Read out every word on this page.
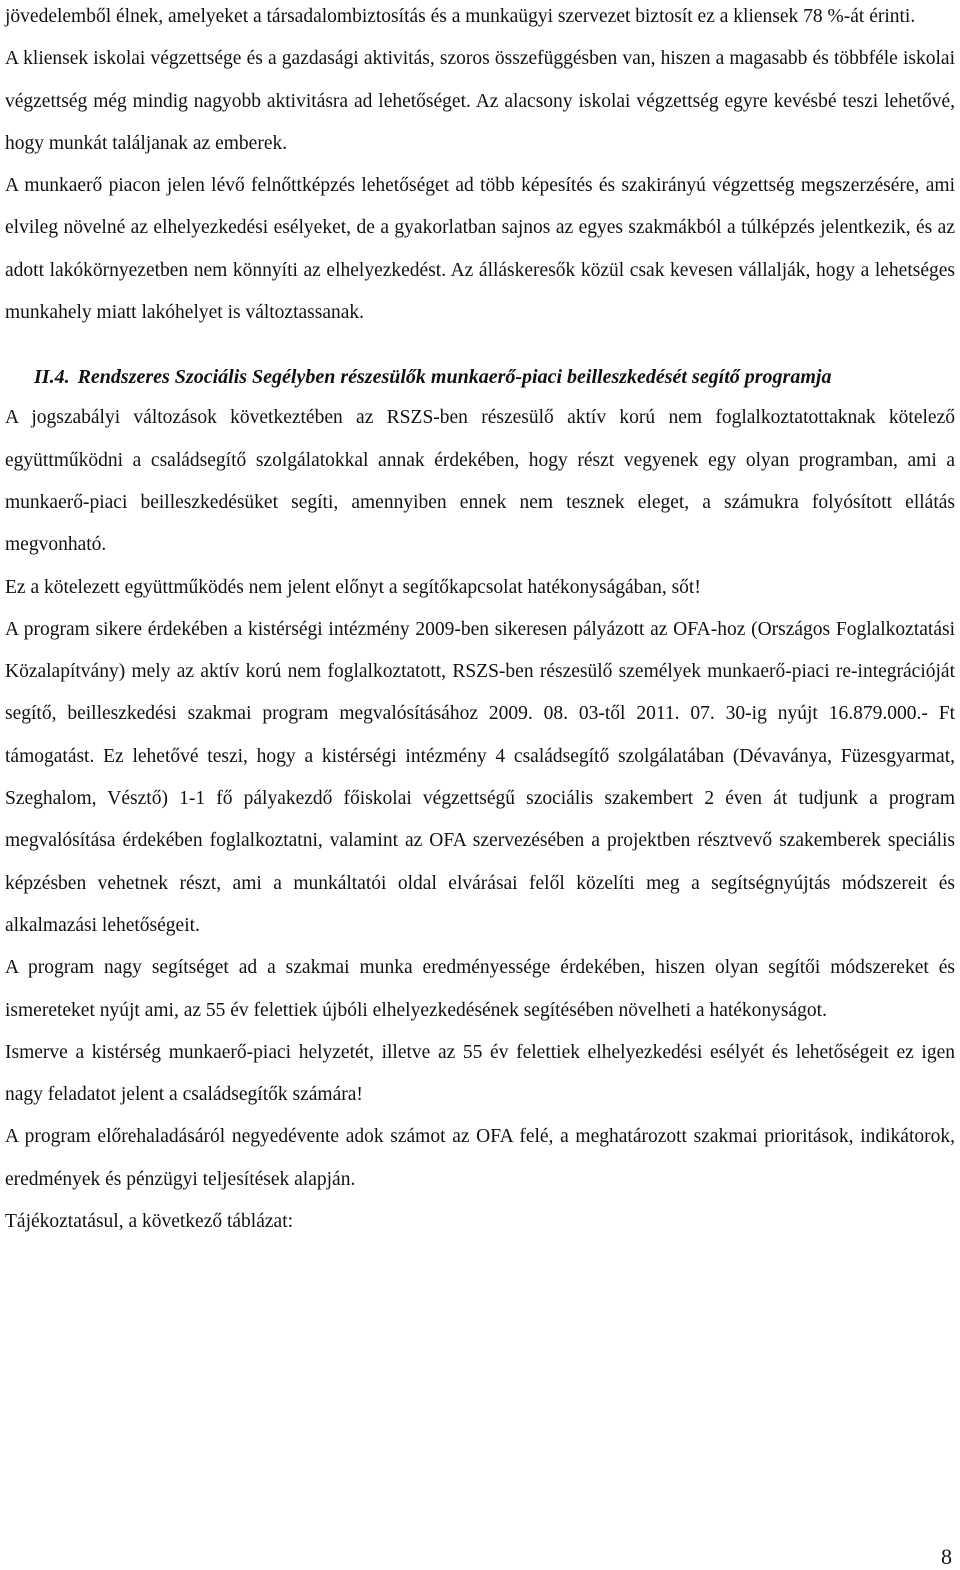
jövedelemből élnek, amelyeket a társadalombiztosítás és a munkaügyi szervezet biztosít ez a kliensek 78 %-át érinti.

A kliensek iskolai végzettsége és a gazdasági aktivitás, szoros összefüggésben van, hiszen a magasabb és többféle iskolai végzettség még mindig nagyobb aktivitásra ad lehetőséget. Az alacsony iskolai végzettség egyre kevésbé teszi lehetővé, hogy munkát találjanak az emberek.

A munkaerő piacon jelen lévő felnőttképzés lehetőséget ad több képesítés és szakirányú végzettség megszerzésére, ami elvileg növelné az elhelyezkedési esélyeket, de a gyakorlatban sajnos az egyes szakmákból a túlképzés jelentkezik, és az adott lakókörnyezetben nem könnyíti az elhelyezkedést. Az álláskeresők közül csak kevesen vállalják, hogy a lehetséges munkahely miatt lakóhelyet is változtassanak.

II.4. Rendszeres Szociális Segélyben részesülők munkaerő-piaci beilleszkedését segítő programja

A jogszabályi változások következtében az RSZS-ben részesülő aktív korú nem foglalkoztatottaknak kötelező együttműködni a családsegítő szolgálatokkal annak érdekében, hogy részt vegyenek egy olyan programban, ami a munkaerő-piaci beilleszkedésüket segíti, amennyiben ennek nem tesznek eleget, a számukra folyósított ellátás megvonható.

Ez a kötelezett együttműködés nem jelent előnyt a segítőkapcsolat hatékonyságában, sőt!

A program sikere érdekében a kistérségi intézmény 2009-ben sikeresen pályázott az OFA-hoz (Országos Foglalkoztatási Közalapítvány) mely az aktív korú nem foglalkoztatott, RSZS-ben részesülő személyek munkaerő-piaci re-integrációját segítő, beilleszkedési szakmai program megvalósításához 2009. 08. 03-től 2011. 07. 30-ig nyújt 16.879.000.- Ft támogatást. Ez lehetővé teszi, hogy a kistérségi intézmény 4 családsegítő szolgálatában (Dévaványa, Füzesgyarmat, Szeghalom, Vésztő) 1-1 fő pályakezdő főiskolai végzettségű szociális szakembert 2 éven át tudjunk a program megvalósítása érdekében foglalkoztatni, valamint az OFA szervezésében a projektben résztvevő szakemberek speciális képzésben vehetnek részt, ami a munkáltatói oldal elvárásai felől közelíti meg a segítségnyújtás módszereit és alkalmazási lehetőségeit.

A program nagy segítséget ad a szakmai munka eredményessége érdekében, hiszen olyan segítői módszereket és ismereteket nyújt ami, az 55 év felettiek újbóli elhelyezkedésének segítésében növelheti a hatékonyságot.

Ismerve a kistérség munkaerő-piaci helyzetét, illetve az 55 év felettiek elhelyezkedési esélyét és lehetőségeit ez igen nagy feladatot jelent a családsegítők számára!

A program előrehaladásáról negyedévente adok számot az OFA felé, a meghatározott szakmai prioritások, indikátorok, eredmények és pénzügyi teljesítések alapján.

Tájékoztatásul, a következő táblázat:

8
